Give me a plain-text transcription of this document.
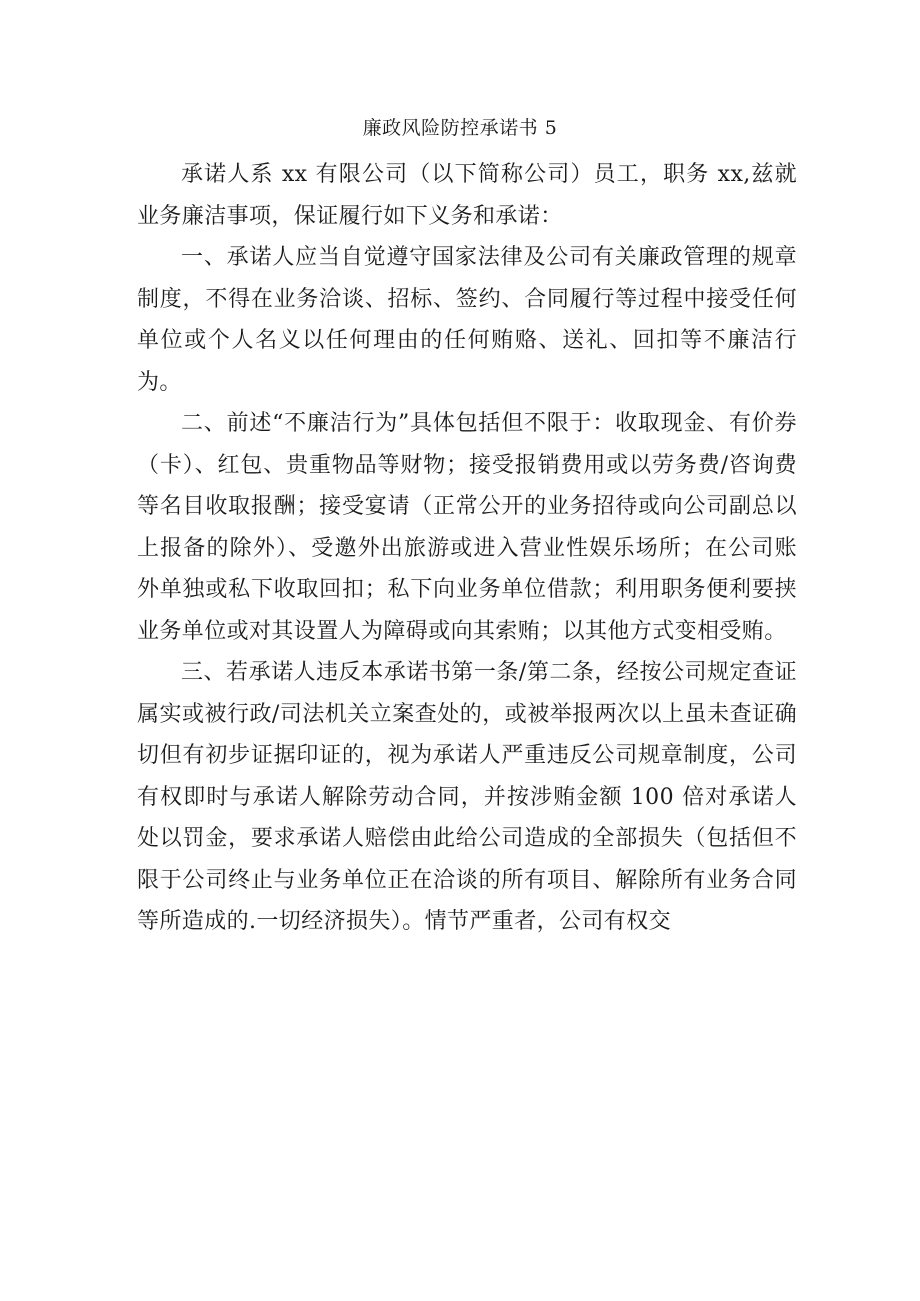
廉政风险防控承诺书 5

承诺人系 xx 有限公司（以下简称公司）员工，职务 xx,兹就业务廉洁事项，保证履行如下义务和承诺：

一、承诺人应当自觉遵守国家法律及公司有关廉政管理的规章制度，不得在业务洽谈、招标、签约、合同履行等过程中接受任何单位或个人名义以任何理由的任何贿赂、送礼、回扣等不廉洁行为。

二、前述“不廉洁行为”具体包括但不限于：收取现金、有价券（卡）、红包、贵重物品等财物；接受报销费用或以劳务费/咨询费等名目收取报酬；接受宴请（正常公开的业务招待或向公司副总以上报备的除外）、受邀外出旅游或进入营业性娱乐场所；在公司账外单独或私下收取回扣；私下向业务单位借款；利用职务便利要挟业务单位或对其设置人为障碍或向其索贿；以其他方式变相受贿。

三、若承诺人违反本承诺书第一条/第二条，经按公司规定查证属实或被行政/司法机关立案查处的，或被举报两次以上虽未查证确切但有初步证据印证的，视为承诺人严重违反公司规章制度，公司有权即时与承诺人解除劳动合同，并按涉贿金额 100 倍对承诺人处以罚金，要求承诺人赔偿由此给公司造成的全部损失（包括但不限于公司终止与业务单位正在洽谈的所有项目、解除所有业务合同等所造成的.一切经济损失）。情节严重者，公司有权交
